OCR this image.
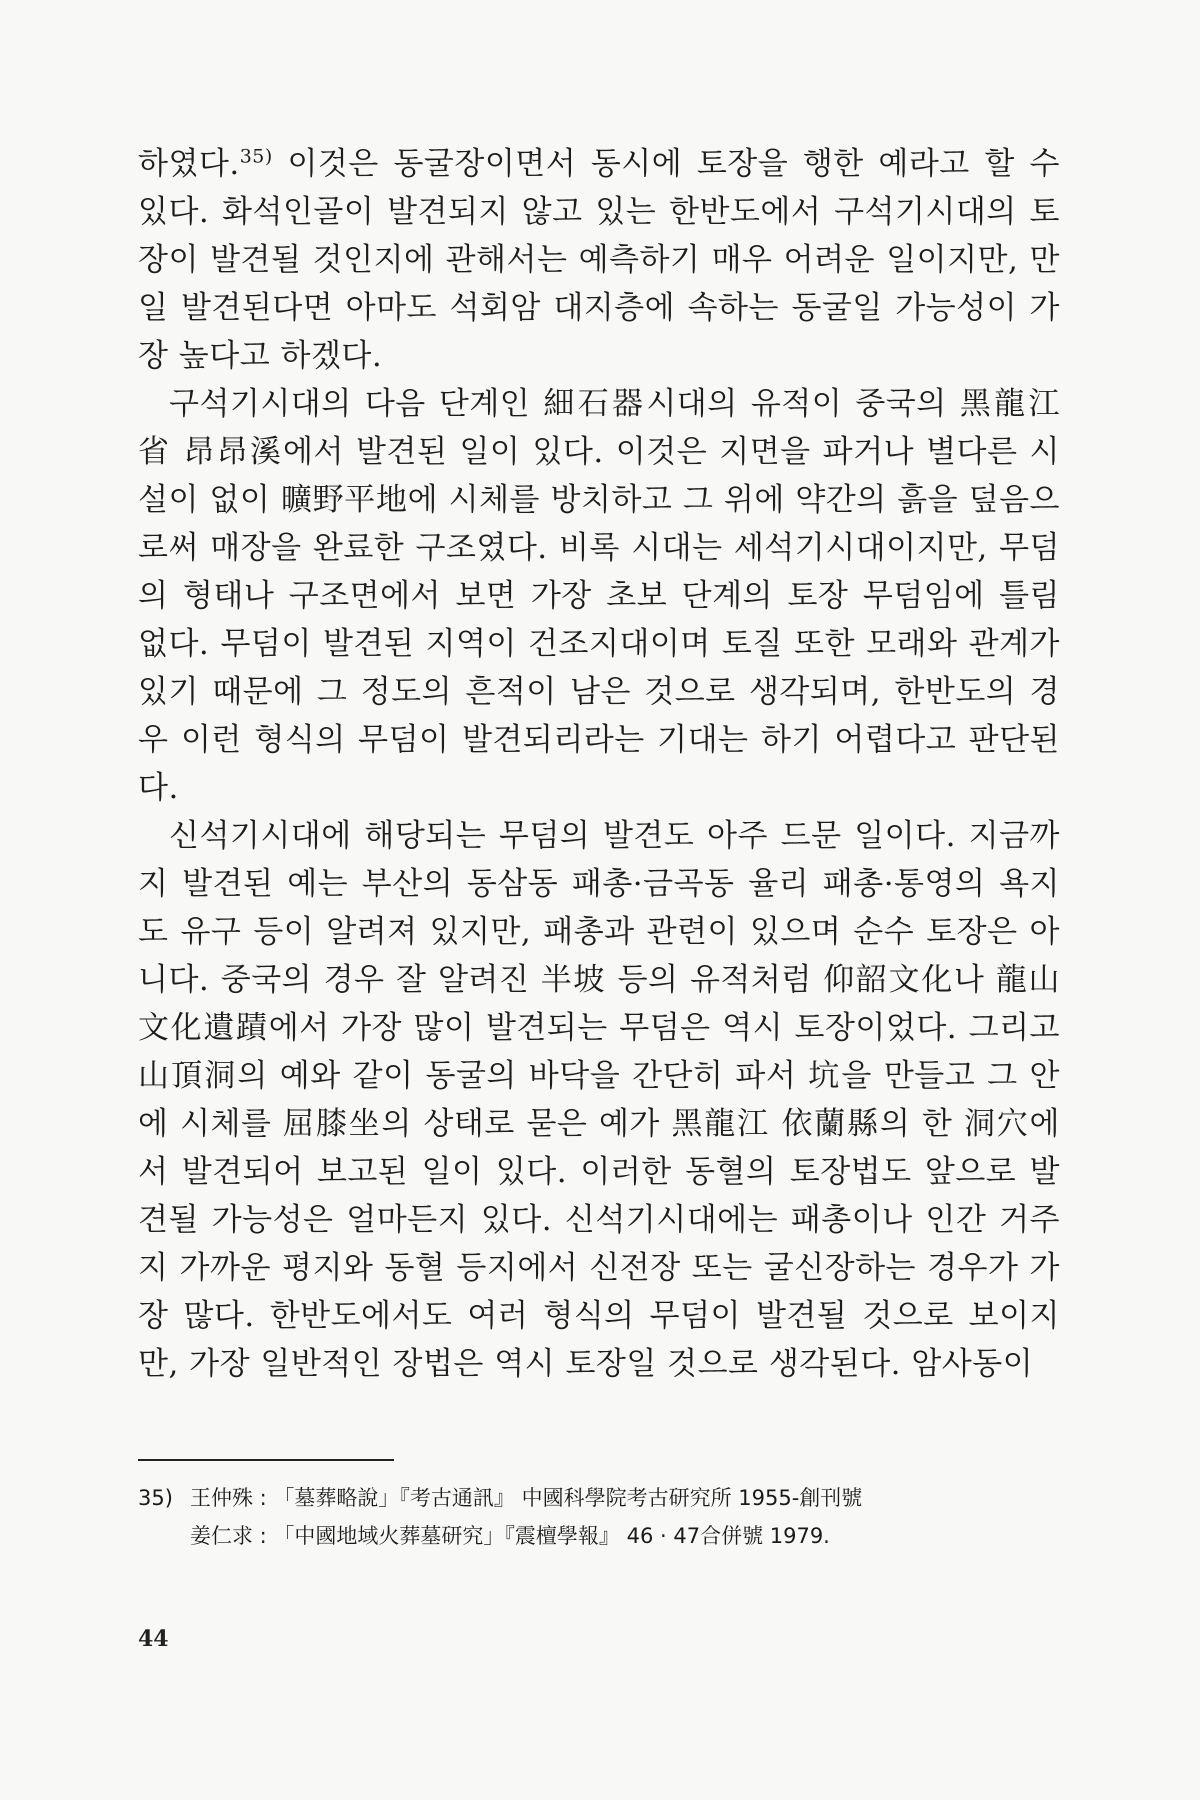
하였다.$^{35)}$ 이것은 동굴장이면서 동시에 토장을 행한 예라고 할 수 있다. 화석인골이 발견되지 않고 있는 한반도에서 구석기시대의 토장이 발견될 것인지에 관해서는 예측하기 매우 어려운 일이지만, 만일 발견된다면 아마도 석회암 대지층에 속하는 동굴일 가능성이 가장 높다고 하겠다.

구석기시대의 다음 단계인 細石器시대의 유적이 중국의 黑龍江省 昂昂溪에서 발견된 일이 있다. 이것은 지면을 파거나 별다른 시설이 없이 曠野平地에 시체를 방치하고 그 위에 약간의 흙을 덮음으로써 매장을 완료한 구조였다. 비록 시대는 세석기시대이지만, 무덤의 형태나 구조면에서 보면 가장 초보 단계의 토장 무덤임에 틀림 없다. 무덤이 발견된 지역이 건조지대이며 토질 또한 모래와 관계가 있기 때문에 그 정도의 흔적이 남은 것으로 생각되며, 한반도의 경우 이런 형식의 무덤이 발견되리라는 기대는 하기 어렵다고 판단된다.

신석기시대에 해당되는 무덤의 발견도 아주 드문 일이다. 지금까지 발견된 예는 부산의 동삼동 패총·금곡동 율리 패총·통영의 욕지도 유구 등이 알려져 있지만, 패총과 관련이 있으며 순수 토장은 아니다. 중국의 경우 잘 알려진 半坡 등의 유적처럼 仰韶文化나 龍山文化遺蹟에서 가장 많이 발견되는 무덤은 역시 토장이었다. 그리고 山頂洞의 예와 같이 동굴의 바닥을 간단히 파서 坑을 만들고 그 안에 시체를 屈膝坐의 상태로 묻은 예가 黑龍江 依蘭縣의 한 洞穴에서 발견되어 보고된 일이 있다. 이러한 동혈의 토장법도 앞으로 발견될 가능성은 얼마든지 있다. 신석기시대에는 패총이나 인간 거주지 가까운 평지와 동혈 등지에서 신전장 또는 굴신장하는 경우가 가장 많다. 한반도에서도 여러 형식의 무덤이 발견될 것으로 보이지만, 가장 일반적인 장법은 역시 토장일 것으로 생각된다. 암사동이

35) 王仲殊 : 「墓葬略說」『考古通訊』 中國科學院考古研究所 1955-創刊號
姜仁求 : 「中國地域火葬墓研究」『震檀學報』 46 · 47合併號 1979.
44
